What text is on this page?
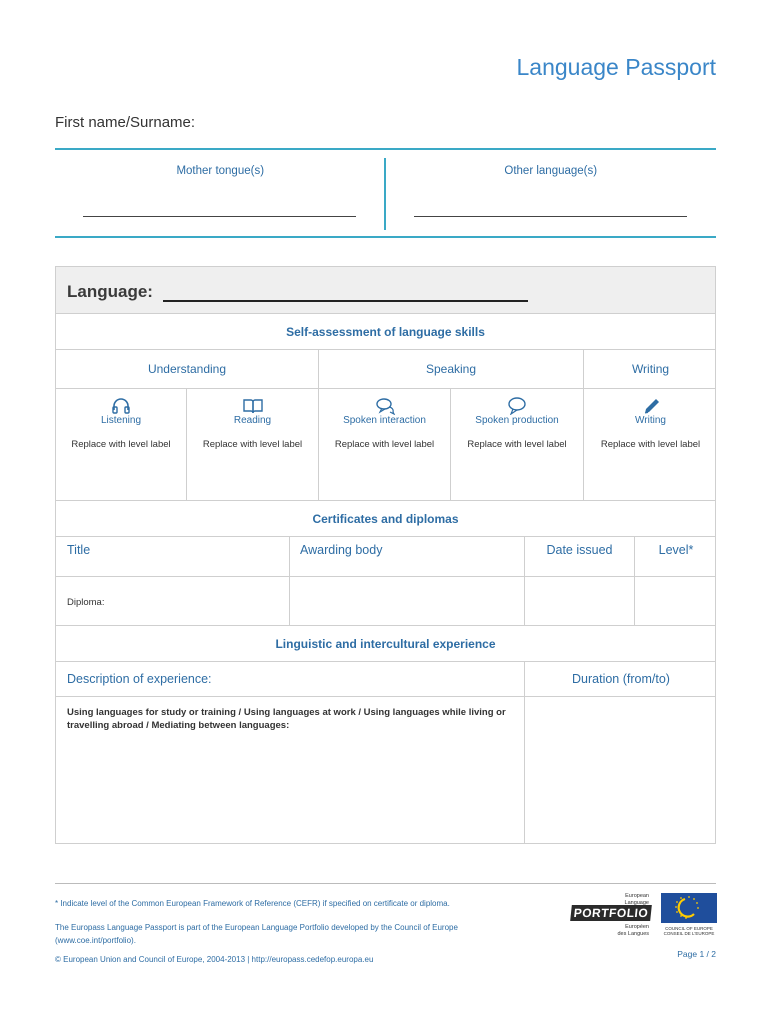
Language Passport
First name/Surname:
Mother tongue(s)	Other language(s)
Language:
Self-assessment of language skills
Understanding	Speaking	Writing
Listening	Reading	Spoken interaction	Spoken production	Writing
Replace with level label	Replace with level label	Replace with level label	Replace with level label	Replace with level label
Certificates and diplomas
Title	Awarding body	Date issued	Level*
Diploma:
Linguistic and intercultural experience
Description of experience:	Duration (from/to)
Using languages for study or training / Using languages at work / Using languages while living or travelling abroad / Mediating between languages:
* Indicate level of the Common European Framework of Reference (CEFR) if specified on certificate or diploma.
The Europass Language Passport is part of the European Language Portfolio developed by the Council of Europe
(www.coe.int/portfolio).
© European Union and Council of Europe, 2004-2013 | http://europass.cedefop.europa.eu
Page 1 / 2
European
Language
PORTFOLIO
Européen
des Langues
COUNCIL OF EUROPE CONSEIL DE L'EUROPE
